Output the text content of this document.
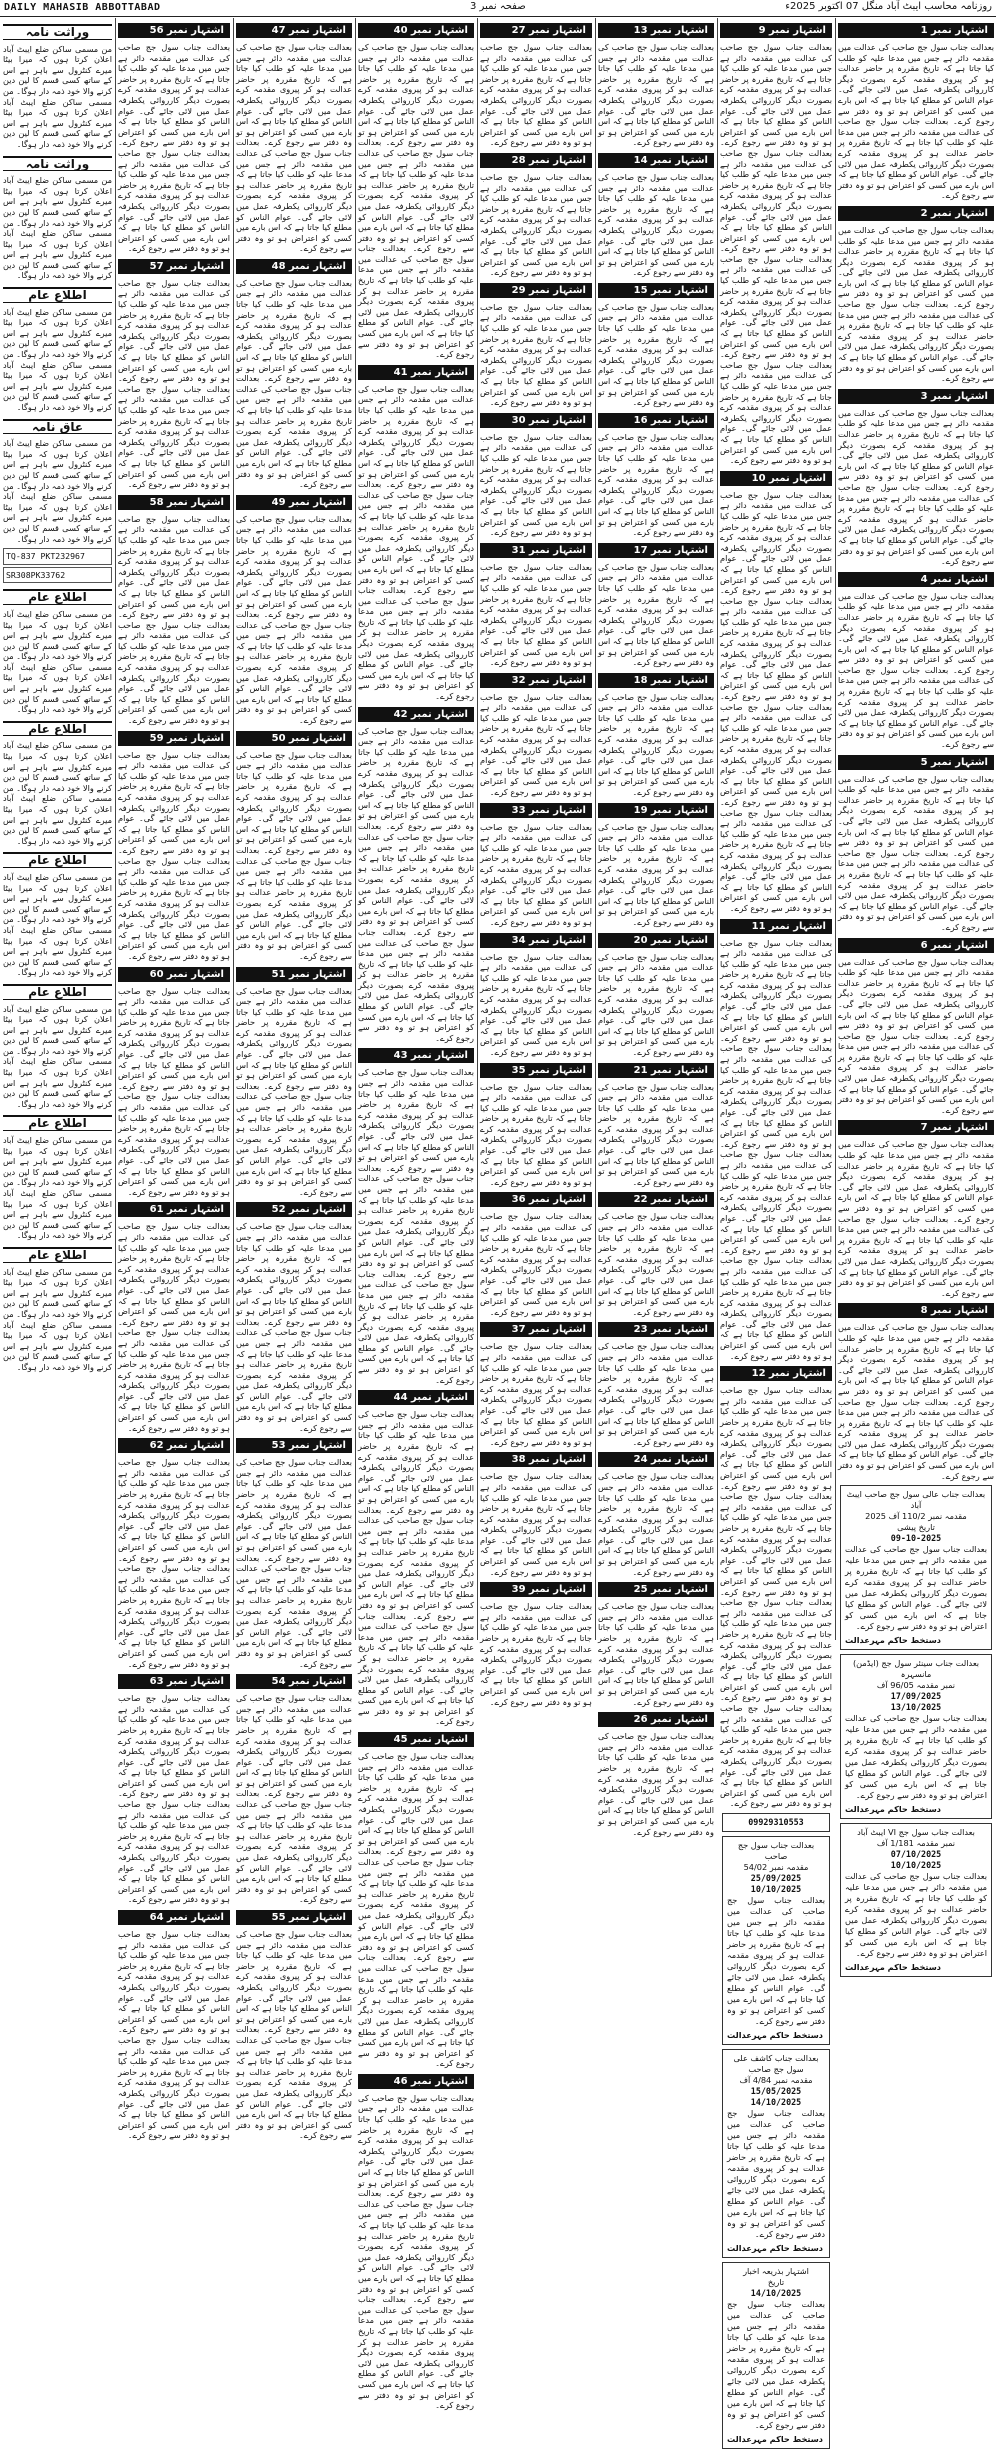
DAILY MAHASIB ABBOTTABAD	صفحہ نمبر 3	روزنامہ محاسب ایبٹ آباد منگل 07 اکتوبر 2025ء
اشتہار نمبر 1

بعدالت جناب سول جج صاحب کی عدالت میں مقدمہ دائر ہے جس میں مدعا علیہ کو طلب کیا جاتا ہے کہ تاریخ مقررہ پر حاضر عدالت ہو کر پیروی مقدمہ کرے بصورت دیگر کارروائی یکطرفہ عمل میں لائی جائے گی۔ عوام الناس کو مطلع کیا جاتا ہے کہ اس بارے میں کسی کو اعتراض ہو تو وہ دفتر سے رجوع کرے۔ بعدالت جناب سول جج صاحب کی عدالت میں مقدمہ دائر ہے جس میں مدعا علیہ کو طلب کیا جاتا ہے کہ تاریخ مقررہ پر حاضر عدالت ہو کر پیروی مقدمہ کرے بصورت دیگر کارروائی یکطرفہ عمل میں لائی جائے گی۔ عوام الناس کو مطلع کیا جاتا ہے کہ اس بارے میں کسی کو اعتراض ہو تو وہ دفتر سے رجوع کرے۔

اشتہار نمبر 2

بعدالت جناب سول جج صاحب کی عدالت میں مقدمہ دائر ہے جس میں مدعا علیہ کو طلب کیا جاتا ہے کہ تاریخ مقررہ پر حاضر عدالت ہو کر پیروی مقدمہ کرے بصورت دیگر کارروائی یکطرفہ عمل میں لائی جائے گی۔ عوام الناس کو مطلع کیا جاتا ہے کہ اس بارے میں کسی کو اعتراض ہو تو وہ دفتر سے رجوع کرے۔ بعدالت جناب سول جج صاحب کی عدالت میں مقدمہ دائر ہے جس میں مدعا علیہ کو طلب کیا جاتا ہے کہ تاریخ مقررہ پر حاضر عدالت ہو کر پیروی مقدمہ کرے بصورت دیگر کارروائی یکطرفہ عمل میں لائی جائے گی۔ عوام الناس کو مطلع کیا جاتا ہے کہ اس بارے میں کسی کو اعتراض ہو تو وہ دفتر سے رجوع کرے۔

اشتہار نمبر 3

بعدالت جناب سول جج صاحب کی عدالت میں مقدمہ دائر ہے جس میں مدعا علیہ کو طلب کیا جاتا ہے کہ تاریخ مقررہ پر حاضر عدالت ہو کر پیروی مقدمہ کرے بصورت دیگر کارروائی یکطرفہ عمل میں لائی جائے گی۔ عوام الناس کو مطلع کیا جاتا ہے کہ اس بارے میں کسی کو اعتراض ہو تو وہ دفتر سے رجوع کرے۔ بعدالت جناب سول جج صاحب کی عدالت میں مقدمہ دائر ہے جس میں مدعا علیہ کو طلب کیا جاتا ہے کہ تاریخ مقررہ پر حاضر عدالت ہو کر پیروی مقدمہ کرے بصورت دیگر کارروائی یکطرفہ عمل میں لائی جائے گی۔ عوام الناس کو مطلع کیا جاتا ہے کہ اس بارے میں کسی کو اعتراض ہو تو وہ دفتر سے رجوع کرے۔

اشتہار نمبر 4

بعدالت جناب سول جج صاحب کی عدالت میں مقدمہ دائر ہے جس میں مدعا علیہ کو طلب کیا جاتا ہے کہ تاریخ مقررہ پر حاضر عدالت ہو کر پیروی مقدمہ کرے بصورت دیگر کارروائی یکطرفہ عمل میں لائی جائے گی۔ عوام الناس کو مطلع کیا جاتا ہے کہ اس بارے میں کسی کو اعتراض ہو تو وہ دفتر سے رجوع کرے۔ بعدالت جناب سول جج صاحب کی عدالت میں مقدمہ دائر ہے جس میں مدعا علیہ کو طلب کیا جاتا ہے کہ تاریخ مقررہ پر حاضر عدالت ہو کر پیروی مقدمہ کرے بصورت دیگر کارروائی یکطرفہ عمل میں لائی جائے گی۔ عوام الناس کو مطلع کیا جاتا ہے کہ اس بارے میں کسی کو اعتراض ہو تو وہ دفتر سے رجوع کرے۔

اشتہار نمبر 5

بعدالت جناب سول جج صاحب کی عدالت میں مقدمہ دائر ہے جس میں مدعا علیہ کو طلب کیا جاتا ہے کہ تاریخ مقررہ پر حاضر عدالت ہو کر پیروی مقدمہ کرے بصورت دیگر کارروائی یکطرفہ عمل میں لائی جائے گی۔ عوام الناس کو مطلع کیا جاتا ہے کہ اس بارے میں کسی کو اعتراض ہو تو وہ دفتر سے رجوع کرے۔ بعدالت جناب سول جج صاحب کی عدالت میں مقدمہ دائر ہے جس میں مدعا علیہ کو طلب کیا جاتا ہے کہ تاریخ مقررہ پر حاضر عدالت ہو کر پیروی مقدمہ کرے بصورت دیگر کارروائی یکطرفہ عمل میں لائی جائے گی۔ عوام الناس کو مطلع کیا جاتا ہے کہ اس بارے میں کسی کو اعتراض ہو تو وہ دفتر سے رجوع کرے۔

اشتہار نمبر 6

بعدالت جناب سول جج صاحب کی عدالت میں مقدمہ دائر ہے جس میں مدعا علیہ کو طلب کیا جاتا ہے کہ تاریخ مقررہ پر حاضر عدالت ہو کر پیروی مقدمہ کرے بصورت دیگر کارروائی یکطرفہ عمل میں لائی جائے گی۔ عوام الناس کو مطلع کیا جاتا ہے کہ اس بارے میں کسی کو اعتراض ہو تو وہ دفتر سے رجوع کرے۔ بعدالت جناب سول جج صاحب کی عدالت میں مقدمہ دائر ہے جس میں مدعا علیہ کو طلب کیا جاتا ہے کہ تاریخ مقررہ پر حاضر عدالت ہو کر پیروی مقدمہ کرے بصورت دیگر کارروائی یکطرفہ عمل میں لائی جائے گی۔ عوام الناس کو مطلع کیا جاتا ہے کہ اس بارے میں کسی کو اعتراض ہو تو وہ دفتر سے رجوع کرے۔

اشتہار نمبر 7

بعدالت جناب سول جج صاحب کی عدالت میں مقدمہ دائر ہے جس میں مدعا علیہ کو طلب کیا جاتا ہے کہ تاریخ مقررہ پر حاضر عدالت ہو کر پیروی مقدمہ کرے بصورت دیگر کارروائی یکطرفہ عمل میں لائی جائے گی۔ عوام الناس کو مطلع کیا جاتا ہے کہ اس بارے میں کسی کو اعتراض ہو تو وہ دفتر سے رجوع کرے۔ بعدالت جناب سول جج صاحب کی عدالت میں مقدمہ دائر ہے جس میں مدعا علیہ کو طلب کیا جاتا ہے کہ تاریخ مقررہ پر حاضر عدالت ہو کر پیروی مقدمہ کرے بصورت دیگر کارروائی یکطرفہ عمل میں لائی جائے گی۔ عوام الناس کو مطلع کیا جاتا ہے کہ اس بارے میں کسی کو اعتراض ہو تو وہ دفتر سے رجوع کرے۔

اشتہار نمبر 8

بعدالت جناب سول جج صاحب کی عدالت میں مقدمہ دائر ہے جس میں مدعا علیہ کو طلب کیا جاتا ہے کہ تاریخ مقررہ پر حاضر عدالت ہو کر پیروی مقدمہ کرے بصورت دیگر کارروائی یکطرفہ عمل میں لائی جائے گی۔ عوام الناس کو مطلع کیا جاتا ہے کہ اس بارے میں کسی کو اعتراض ہو تو وہ دفتر سے رجوع کرے۔ بعدالت جناب سول جج صاحب کی عدالت میں مقدمہ دائر ہے جس میں مدعا علیہ کو طلب کیا جاتا ہے کہ تاریخ مقررہ پر حاضر عدالت ہو کر پیروی مقدمہ کرے بصورت دیگر کارروائی یکطرفہ عمل میں لائی جائے گی۔ عوام الناس کو مطلع کیا جاتا ہے کہ اس بارے میں کسی کو اعتراض ہو تو وہ دفتر سے رجوع کرے۔

بعدالت جناب عالی سول جج صاحب ایبٹ آباد
مقدمہ نمبر 110/2 آف 2025
تاریخ پیشی
09-10-2025

بعدالت جناب سول جج صاحب کی عدالت میں مقدمہ دائر ہے جس میں مدعا علیہ کو طلب کیا جاتا ہے کہ تاریخ مقررہ پر حاضر عدالت ہو کر پیروی مقدمہ کرے بصورت دیگر کارروائی یکطرفہ عمل میں لائی جائے گی۔ عوام الناس کو مطلع کیا جاتا ہے کہ اس بارے میں کسی کو اعتراض ہو تو وہ دفتر سے رجوع کرے۔

دستخط حاکم مہرعدالت
بعدالت جناب سینئر سول جج (ایڈمن) مانسہرہ
نمبر مقدمہ 96/05 آف
17/09/2025
13/10/2025

بعدالت جناب سول جج صاحب کی عدالت میں مقدمہ دائر ہے جس میں مدعا علیہ کو طلب کیا جاتا ہے کہ تاریخ مقررہ پر حاضر عدالت ہو کر پیروی مقدمہ کرے بصورت دیگر کارروائی یکطرفہ عمل میں لائی جائے گی۔ عوام الناس کو مطلع کیا جاتا ہے کہ اس بارے میں کسی کو اعتراض ہو تو وہ دفتر سے رجوع کرے۔

دستخط حاکم مہرعدالت
بعدالت جناب سول جج VI ایبٹ آباد
نمبر مقدمہ 1/181 آف
07/10/2025
10/10/2025

بعدالت جناب سول جج صاحب کی عدالت میں مقدمہ دائر ہے جس میں مدعا علیہ کو طلب کیا جاتا ہے کہ تاریخ مقررہ پر حاضر عدالت ہو کر پیروی مقدمہ کرے بصورت دیگر کارروائی یکطرفہ عمل میں لائی جائے گی۔ عوام الناس کو مطلع کیا جاتا ہے کہ اس بارے میں کسی کو اعتراض ہو تو وہ دفتر سے رجوع کرے۔

دستخط حاکم مہرعدالت
اشتہار نمبر 9

بعدالت جناب سول جج صاحب کی عدالت میں مقدمہ دائر ہے جس میں مدعا علیہ کو طلب کیا جاتا ہے کہ تاریخ مقررہ پر حاضر عدالت ہو کر پیروی مقدمہ کرے بصورت دیگر کارروائی یکطرفہ عمل میں لائی جائے گی۔ عوام الناس کو مطلع کیا جاتا ہے کہ اس بارے میں کسی کو اعتراض ہو تو وہ دفتر سے رجوع کرے۔ بعدالت جناب سول جج صاحب کی عدالت میں مقدمہ دائر ہے جس میں مدعا علیہ کو طلب کیا جاتا ہے کہ تاریخ مقررہ پر حاضر عدالت ہو کر پیروی مقدمہ کرے بصورت دیگر کارروائی یکطرفہ عمل میں لائی جائے گی۔ عوام الناس کو مطلع کیا جاتا ہے کہ اس بارے میں کسی کو اعتراض ہو تو وہ دفتر سے رجوع کرے۔ بعدالت جناب سول جج صاحب کی عدالت میں مقدمہ دائر ہے جس میں مدعا علیہ کو طلب کیا جاتا ہے کہ تاریخ مقررہ پر حاضر عدالت ہو کر پیروی مقدمہ کرے بصورت دیگر کارروائی یکطرفہ عمل میں لائی جائے گی۔ عوام الناس کو مطلع کیا جاتا ہے کہ اس بارے میں کسی کو اعتراض ہو تو وہ دفتر سے رجوع کرے۔ بعدالت جناب سول جج صاحب کی عدالت میں مقدمہ دائر ہے جس میں مدعا علیہ کو طلب کیا جاتا ہے کہ تاریخ مقررہ پر حاضر عدالت ہو کر پیروی مقدمہ کرے بصورت دیگر کارروائی یکطرفہ عمل میں لائی جائے گی۔ عوام الناس کو مطلع کیا جاتا ہے کہ اس بارے میں کسی کو اعتراض ہو تو وہ دفتر سے رجوع کرے۔

اشتہار نمبر 10

بعدالت جناب سول جج صاحب کی عدالت میں مقدمہ دائر ہے جس میں مدعا علیہ کو طلب کیا جاتا ہے کہ تاریخ مقررہ پر حاضر عدالت ہو کر پیروی مقدمہ کرے بصورت دیگر کارروائی یکطرفہ عمل میں لائی جائے گی۔ عوام الناس کو مطلع کیا جاتا ہے کہ اس بارے میں کسی کو اعتراض ہو تو وہ دفتر سے رجوع کرے۔ بعدالت جناب سول جج صاحب کی عدالت میں مقدمہ دائر ہے جس میں مدعا علیہ کو طلب کیا جاتا ہے کہ تاریخ مقررہ پر حاضر عدالت ہو کر پیروی مقدمہ کرے بصورت دیگر کارروائی یکطرفہ عمل میں لائی جائے گی۔ عوام الناس کو مطلع کیا جاتا ہے کہ اس بارے میں کسی کو اعتراض ہو تو وہ دفتر سے رجوع کرے۔ بعدالت جناب سول جج صاحب کی عدالت میں مقدمہ دائر ہے جس میں مدعا علیہ کو طلب کیا جاتا ہے کہ تاریخ مقررہ پر حاضر عدالت ہو کر پیروی مقدمہ کرے بصورت دیگر کارروائی یکطرفہ عمل میں لائی جائے گی۔ عوام الناس کو مطلع کیا جاتا ہے کہ اس بارے میں کسی کو اعتراض ہو تو وہ دفتر سے رجوع کرے۔ بعدالت جناب سول جج صاحب کی عدالت میں مقدمہ دائر ہے جس میں مدعا علیہ کو طلب کیا جاتا ہے کہ تاریخ مقررہ پر حاضر عدالت ہو کر پیروی مقدمہ کرے بصورت دیگر کارروائی یکطرفہ عمل میں لائی جائے گی۔ عوام الناس کو مطلع کیا جاتا ہے کہ اس بارے میں کسی کو اعتراض ہو تو وہ دفتر سے رجوع کرے۔

اشتہار نمبر 11

بعدالت جناب سول جج صاحب کی عدالت میں مقدمہ دائر ہے جس میں مدعا علیہ کو طلب کیا جاتا ہے کہ تاریخ مقررہ پر حاضر عدالت ہو کر پیروی مقدمہ کرے بصورت دیگر کارروائی یکطرفہ عمل میں لائی جائے گی۔ عوام الناس کو مطلع کیا جاتا ہے کہ اس بارے میں کسی کو اعتراض ہو تو وہ دفتر سے رجوع کرے۔ بعدالت جناب سول جج صاحب کی عدالت میں مقدمہ دائر ہے جس میں مدعا علیہ کو طلب کیا جاتا ہے کہ تاریخ مقررہ پر حاضر عدالت ہو کر پیروی مقدمہ کرے بصورت دیگر کارروائی یکطرفہ عمل میں لائی جائے گی۔ عوام الناس کو مطلع کیا جاتا ہے کہ اس بارے میں کسی کو اعتراض ہو تو وہ دفتر سے رجوع کرے۔ بعدالت جناب سول جج صاحب کی عدالت میں مقدمہ دائر ہے جس میں مدعا علیہ کو طلب کیا جاتا ہے کہ تاریخ مقررہ پر حاضر عدالت ہو کر پیروی مقدمہ کرے بصورت دیگر کارروائی یکطرفہ عمل میں لائی جائے گی۔ عوام الناس کو مطلع کیا جاتا ہے کہ اس بارے میں کسی کو اعتراض ہو تو وہ دفتر سے رجوع کرے۔ بعدالت جناب سول جج صاحب کی عدالت میں مقدمہ دائر ہے جس میں مدعا علیہ کو طلب کیا جاتا ہے کہ تاریخ مقررہ پر حاضر عدالت ہو کر پیروی مقدمہ کرے بصورت دیگر کارروائی یکطرفہ عمل میں لائی جائے گی۔ عوام الناس کو مطلع کیا جاتا ہے کہ اس بارے میں کسی کو اعتراض ہو تو وہ دفتر سے رجوع کرے۔

اشتہار نمبر 12

بعدالت جناب سول جج صاحب کی عدالت میں مقدمہ دائر ہے جس میں مدعا علیہ کو طلب کیا جاتا ہے کہ تاریخ مقررہ پر حاضر عدالت ہو کر پیروی مقدمہ کرے بصورت دیگر کارروائی یکطرفہ عمل میں لائی جائے گی۔ عوام الناس کو مطلع کیا جاتا ہے کہ اس بارے میں کسی کو اعتراض ہو تو وہ دفتر سے رجوع کرے۔ بعدالت جناب سول جج صاحب کی عدالت میں مقدمہ دائر ہے جس میں مدعا علیہ کو طلب کیا جاتا ہے کہ تاریخ مقررہ پر حاضر عدالت ہو کر پیروی مقدمہ کرے بصورت دیگر کارروائی یکطرفہ عمل میں لائی جائے گی۔ عوام الناس کو مطلع کیا جاتا ہے کہ اس بارے میں کسی کو اعتراض ہو تو وہ دفتر سے رجوع کرے۔ بعدالت جناب سول جج صاحب کی عدالت میں مقدمہ دائر ہے جس میں مدعا علیہ کو طلب کیا جاتا ہے کہ تاریخ مقررہ پر حاضر عدالت ہو کر پیروی مقدمہ کرے بصورت دیگر کارروائی یکطرفہ عمل میں لائی جائے گی۔ عوام الناس کو مطلع کیا جاتا ہے کہ اس بارے میں کسی کو اعتراض ہو تو وہ دفتر سے رجوع کرے۔ بعدالت جناب سول جج صاحب کی عدالت میں مقدمہ دائر ہے جس میں مدعا علیہ کو طلب کیا جاتا ہے کہ تاریخ مقررہ پر حاضر عدالت ہو کر پیروی مقدمہ کرے بصورت دیگر کارروائی یکطرفہ عمل میں لائی جائے گی۔ عوام الناس کو مطلع کیا جاتا ہے کہ اس بارے میں کسی کو اعتراض ہو تو وہ دفتر سے رجوع کرے۔

09929310553
بعدالت جناب سول جج صاحب
مقدمہ نمبر 54/02
25/09/2025
10/10/2025

بعدالت جناب سول جج صاحب کی عدالت میں مقدمہ دائر ہے جس میں مدعا علیہ کو طلب کیا جاتا ہے کہ تاریخ مقررہ پر حاضر عدالت ہو کر پیروی مقدمہ کرے بصورت دیگر کارروائی یکطرفہ عمل میں لائی جائے گی۔ عوام الناس کو مطلع کیا جاتا ہے کہ اس بارے میں کسی کو اعتراض ہو تو وہ دفتر سے رجوع کرے۔

دستخط حاکم مہرعدالت
بعدالت جناب کاشف علی سول جج صاحب
مقدمہ نمبر 4/84 آف
15/05/2025
14/10/2025

بعدالت جناب سول جج صاحب کی عدالت میں مقدمہ دائر ہے جس میں مدعا علیہ کو طلب کیا جاتا ہے کہ تاریخ مقررہ پر حاضر عدالت ہو کر پیروی مقدمہ کرے بصورت دیگر کارروائی یکطرفہ عمل میں لائی جائے گی۔ عوام الناس کو مطلع کیا جاتا ہے کہ اس بارے میں کسی کو اعتراض ہو تو وہ دفتر سے رجوع کرے۔

دستخط حاکم مہرعدالت
اشتہار بذریعہ اخبار
تاریخ
14/10/2025

بعدالت جناب سول جج صاحب کی عدالت میں مقدمہ دائر ہے جس میں مدعا علیہ کو طلب کیا جاتا ہے کہ تاریخ مقررہ پر حاضر عدالت ہو کر پیروی مقدمہ کرے بصورت دیگر کارروائی یکطرفہ عمل میں لائی جائے گی۔ عوام الناس کو مطلع کیا جاتا ہے کہ اس بارے میں کسی کو اعتراض ہو تو وہ دفتر سے رجوع کرے۔

دستخط حاکم مہرعدالت
اشتہار نمبر 13

بعدالت جناب سول جج صاحب کی عدالت میں مقدمہ دائر ہے جس میں مدعا علیہ کو طلب کیا جاتا ہے کہ تاریخ مقررہ پر حاضر عدالت ہو کر پیروی مقدمہ کرے بصورت دیگر کارروائی یکطرفہ عمل میں لائی جائے گی۔ عوام الناس کو مطلع کیا جاتا ہے کہ اس بارے میں کسی کو اعتراض ہو تو وہ دفتر سے رجوع کرے۔

اشتہار نمبر 14

بعدالت جناب سول جج صاحب کی عدالت میں مقدمہ دائر ہے جس میں مدعا علیہ کو طلب کیا جاتا ہے کہ تاریخ مقررہ پر حاضر عدالت ہو کر پیروی مقدمہ کرے بصورت دیگر کارروائی یکطرفہ عمل میں لائی جائے گی۔ عوام الناس کو مطلع کیا جاتا ہے کہ اس بارے میں کسی کو اعتراض ہو تو وہ دفتر سے رجوع کرے۔

اشتہار نمبر 15

بعدالت جناب سول جج صاحب کی عدالت میں مقدمہ دائر ہے جس میں مدعا علیہ کو طلب کیا جاتا ہے کہ تاریخ مقررہ پر حاضر عدالت ہو کر پیروی مقدمہ کرے بصورت دیگر کارروائی یکطرفہ عمل میں لائی جائے گی۔ عوام الناس کو مطلع کیا جاتا ہے کہ اس بارے میں کسی کو اعتراض ہو تو وہ دفتر سے رجوع کرے۔

اشتہار نمبر 16

بعدالت جناب سول جج صاحب کی عدالت میں مقدمہ دائر ہے جس میں مدعا علیہ کو طلب کیا جاتا ہے کہ تاریخ مقررہ پر حاضر عدالت ہو کر پیروی مقدمہ کرے بصورت دیگر کارروائی یکطرفہ عمل میں لائی جائے گی۔ عوام الناس کو مطلع کیا جاتا ہے کہ اس بارے میں کسی کو اعتراض ہو تو وہ دفتر سے رجوع کرے۔

اشتہار نمبر 17

بعدالت جناب سول جج صاحب کی عدالت میں مقدمہ دائر ہے جس میں مدعا علیہ کو طلب کیا جاتا ہے کہ تاریخ مقررہ پر حاضر عدالت ہو کر پیروی مقدمہ کرے بصورت دیگر کارروائی یکطرفہ عمل میں لائی جائے گی۔ عوام الناس کو مطلع کیا جاتا ہے کہ اس بارے میں کسی کو اعتراض ہو تو وہ دفتر سے رجوع کرے۔

اشتہار نمبر 18

بعدالت جناب سول جج صاحب کی عدالت میں مقدمہ دائر ہے جس میں مدعا علیہ کو طلب کیا جاتا ہے کہ تاریخ مقررہ پر حاضر عدالت ہو کر پیروی مقدمہ کرے بصورت دیگر کارروائی یکطرفہ عمل میں لائی جائے گی۔ عوام الناس کو مطلع کیا جاتا ہے کہ اس بارے میں کسی کو اعتراض ہو تو وہ دفتر سے رجوع کرے۔

اشتہار نمبر 19

بعدالت جناب سول جج صاحب کی عدالت میں مقدمہ دائر ہے جس میں مدعا علیہ کو طلب کیا جاتا ہے کہ تاریخ مقررہ پر حاضر عدالت ہو کر پیروی مقدمہ کرے بصورت دیگر کارروائی یکطرفہ عمل میں لائی جائے گی۔ عوام الناس کو مطلع کیا جاتا ہے کہ اس بارے میں کسی کو اعتراض ہو تو وہ دفتر سے رجوع کرے۔

اشتہار نمبر 20

بعدالت جناب سول جج صاحب کی عدالت میں مقدمہ دائر ہے جس میں مدعا علیہ کو طلب کیا جاتا ہے کہ تاریخ مقررہ پر حاضر عدالت ہو کر پیروی مقدمہ کرے بصورت دیگر کارروائی یکطرفہ عمل میں لائی جائے گی۔ عوام الناس کو مطلع کیا جاتا ہے کہ اس بارے میں کسی کو اعتراض ہو تو وہ دفتر سے رجوع کرے۔

اشتہار نمبر 21

بعدالت جناب سول جج صاحب کی عدالت میں مقدمہ دائر ہے جس میں مدعا علیہ کو طلب کیا جاتا ہے کہ تاریخ مقررہ پر حاضر عدالت ہو کر پیروی مقدمہ کرے بصورت دیگر کارروائی یکطرفہ عمل میں لائی جائے گی۔ عوام الناس کو مطلع کیا جاتا ہے کہ اس بارے میں کسی کو اعتراض ہو تو وہ دفتر سے رجوع کرے۔

اشتہار نمبر 22

بعدالت جناب سول جج صاحب کی عدالت میں مقدمہ دائر ہے جس میں مدعا علیہ کو طلب کیا جاتا ہے کہ تاریخ مقررہ پر حاضر عدالت ہو کر پیروی مقدمہ کرے بصورت دیگر کارروائی یکطرفہ عمل میں لائی جائے گی۔ عوام الناس کو مطلع کیا جاتا ہے کہ اس بارے میں کسی کو اعتراض ہو تو وہ دفتر سے رجوع کرے۔

اشتہار نمبر 23

بعدالت جناب سول جج صاحب کی عدالت میں مقدمہ دائر ہے جس میں مدعا علیہ کو طلب کیا جاتا ہے کہ تاریخ مقررہ پر حاضر عدالت ہو کر پیروی مقدمہ کرے بصورت دیگر کارروائی یکطرفہ عمل میں لائی جائے گی۔ عوام الناس کو مطلع کیا جاتا ہے کہ اس بارے میں کسی کو اعتراض ہو تو وہ دفتر سے رجوع کرے۔

اشتہار نمبر 24

بعدالت جناب سول جج صاحب کی عدالت میں مقدمہ دائر ہے جس میں مدعا علیہ کو طلب کیا جاتا ہے کہ تاریخ مقررہ پر حاضر عدالت ہو کر پیروی مقدمہ کرے بصورت دیگر کارروائی یکطرفہ عمل میں لائی جائے گی۔ عوام الناس کو مطلع کیا جاتا ہے کہ اس بارے میں کسی کو اعتراض ہو تو وہ دفتر سے رجوع کرے۔

اشتہار نمبر 25

بعدالت جناب سول جج صاحب کی عدالت میں مقدمہ دائر ہے جس میں مدعا علیہ کو طلب کیا جاتا ہے کہ تاریخ مقررہ پر حاضر عدالت ہو کر پیروی مقدمہ کرے بصورت دیگر کارروائی یکطرفہ عمل میں لائی جائے گی۔ عوام الناس کو مطلع کیا جاتا ہے کہ اس بارے میں کسی کو اعتراض ہو تو وہ دفتر سے رجوع کرے۔

اشتہار نمبر 26

بعدالت جناب سول جج صاحب کی عدالت میں مقدمہ دائر ہے جس میں مدعا علیہ کو طلب کیا جاتا ہے کہ تاریخ مقررہ پر حاضر عدالت ہو کر پیروی مقدمہ کرے بصورت دیگر کارروائی یکطرفہ عمل میں لائی جائے گی۔ عوام الناس کو مطلع کیا جاتا ہے کہ اس بارے میں کسی کو اعتراض ہو تو وہ دفتر سے رجوع کرے۔

اشتہار نمبر 27

بعدالت جناب سول جج صاحب کی عدالت میں مقدمہ دائر ہے جس میں مدعا علیہ کو طلب کیا جاتا ہے کہ تاریخ مقررہ پر حاضر عدالت ہو کر پیروی مقدمہ کرے بصورت دیگر کارروائی یکطرفہ عمل میں لائی جائے گی۔ عوام الناس کو مطلع کیا جاتا ہے کہ اس بارے میں کسی کو اعتراض ہو تو وہ دفتر سے رجوع کرے۔

اشتہار نمبر 28

بعدالت جناب سول جج صاحب کی عدالت میں مقدمہ دائر ہے جس میں مدعا علیہ کو طلب کیا جاتا ہے کہ تاریخ مقررہ پر حاضر عدالت ہو کر پیروی مقدمہ کرے بصورت دیگر کارروائی یکطرفہ عمل میں لائی جائے گی۔ عوام الناس کو مطلع کیا جاتا ہے کہ اس بارے میں کسی کو اعتراض ہو تو وہ دفتر سے رجوع کرے۔

اشتہار نمبر 29

بعدالت جناب سول جج صاحب کی عدالت میں مقدمہ دائر ہے جس میں مدعا علیہ کو طلب کیا جاتا ہے کہ تاریخ مقررہ پر حاضر عدالت ہو کر پیروی مقدمہ کرے بصورت دیگر کارروائی یکطرفہ عمل میں لائی جائے گی۔ عوام الناس کو مطلع کیا جاتا ہے کہ اس بارے میں کسی کو اعتراض ہو تو وہ دفتر سے رجوع کرے۔

اشتہار نمبر 30

بعدالت جناب سول جج صاحب کی عدالت میں مقدمہ دائر ہے جس میں مدعا علیہ کو طلب کیا جاتا ہے کہ تاریخ مقررہ پر حاضر عدالت ہو کر پیروی مقدمہ کرے بصورت دیگر کارروائی یکطرفہ عمل میں لائی جائے گی۔ عوام الناس کو مطلع کیا جاتا ہے کہ اس بارے میں کسی کو اعتراض ہو تو وہ دفتر سے رجوع کرے۔

اشتہار نمبر 31

بعدالت جناب سول جج صاحب کی عدالت میں مقدمہ دائر ہے جس میں مدعا علیہ کو طلب کیا جاتا ہے کہ تاریخ مقررہ پر حاضر عدالت ہو کر پیروی مقدمہ کرے بصورت دیگر کارروائی یکطرفہ عمل میں لائی جائے گی۔ عوام الناس کو مطلع کیا جاتا ہے کہ اس بارے میں کسی کو اعتراض ہو تو وہ دفتر سے رجوع کرے۔

اشتہار نمبر 32

بعدالت جناب سول جج صاحب کی عدالت میں مقدمہ دائر ہے جس میں مدعا علیہ کو طلب کیا جاتا ہے کہ تاریخ مقررہ پر حاضر عدالت ہو کر پیروی مقدمہ کرے بصورت دیگر کارروائی یکطرفہ عمل میں لائی جائے گی۔ عوام الناس کو مطلع کیا جاتا ہے کہ اس بارے میں کسی کو اعتراض ہو تو وہ دفتر سے رجوع کرے۔

اشتہار نمبر 33

بعدالت جناب سول جج صاحب کی عدالت میں مقدمہ دائر ہے جس میں مدعا علیہ کو طلب کیا جاتا ہے کہ تاریخ مقررہ پر حاضر عدالت ہو کر پیروی مقدمہ کرے بصورت دیگر کارروائی یکطرفہ عمل میں لائی جائے گی۔ عوام الناس کو مطلع کیا جاتا ہے کہ اس بارے میں کسی کو اعتراض ہو تو وہ دفتر سے رجوع کرے۔

اشتہار نمبر 34

بعدالت جناب سول جج صاحب کی عدالت میں مقدمہ دائر ہے جس میں مدعا علیہ کو طلب کیا جاتا ہے کہ تاریخ مقررہ پر حاضر عدالت ہو کر پیروی مقدمہ کرے بصورت دیگر کارروائی یکطرفہ عمل میں لائی جائے گی۔ عوام الناس کو مطلع کیا جاتا ہے کہ اس بارے میں کسی کو اعتراض ہو تو وہ دفتر سے رجوع کرے۔

اشتہار نمبر 35

بعدالت جناب سول جج صاحب کی عدالت میں مقدمہ دائر ہے جس میں مدعا علیہ کو طلب کیا جاتا ہے کہ تاریخ مقررہ پر حاضر عدالت ہو کر پیروی مقدمہ کرے بصورت دیگر کارروائی یکطرفہ عمل میں لائی جائے گی۔ عوام الناس کو مطلع کیا جاتا ہے کہ اس بارے میں کسی کو اعتراض ہو تو وہ دفتر سے رجوع کرے۔

اشتہار نمبر 36

بعدالت جناب سول جج صاحب کی عدالت میں مقدمہ دائر ہے جس میں مدعا علیہ کو طلب کیا جاتا ہے کہ تاریخ مقررہ پر حاضر عدالت ہو کر پیروی مقدمہ کرے بصورت دیگر کارروائی یکطرفہ عمل میں لائی جائے گی۔ عوام الناس کو مطلع کیا جاتا ہے کہ اس بارے میں کسی کو اعتراض ہو تو وہ دفتر سے رجوع کرے۔

اشتہار نمبر 37

بعدالت جناب سول جج صاحب کی عدالت میں مقدمہ دائر ہے جس میں مدعا علیہ کو طلب کیا جاتا ہے کہ تاریخ مقررہ پر حاضر عدالت ہو کر پیروی مقدمہ کرے بصورت دیگر کارروائی یکطرفہ عمل میں لائی جائے گی۔ عوام الناس کو مطلع کیا جاتا ہے کہ اس بارے میں کسی کو اعتراض ہو تو وہ دفتر سے رجوع کرے۔

اشتہار نمبر 38

بعدالت جناب سول جج صاحب کی عدالت میں مقدمہ دائر ہے جس میں مدعا علیہ کو طلب کیا جاتا ہے کہ تاریخ مقررہ پر حاضر عدالت ہو کر پیروی مقدمہ کرے بصورت دیگر کارروائی یکطرفہ عمل میں لائی جائے گی۔ عوام الناس کو مطلع کیا جاتا ہے کہ اس بارے میں کسی کو اعتراض ہو تو وہ دفتر سے رجوع کرے۔

اشتہار نمبر 39

بعدالت جناب سول جج صاحب کی عدالت میں مقدمہ دائر ہے جس میں مدعا علیہ کو طلب کیا جاتا ہے کہ تاریخ مقررہ پر حاضر عدالت ہو کر پیروی مقدمہ کرے بصورت دیگر کارروائی یکطرفہ عمل میں لائی جائے گی۔ عوام الناس کو مطلع کیا جاتا ہے کہ اس بارے میں کسی کو اعتراض ہو تو وہ دفتر سے رجوع کرے۔

اشتہار نمبر 40

بعدالت جناب سول جج صاحب کی عدالت میں مقدمہ دائر ہے جس میں مدعا علیہ کو طلب کیا جاتا ہے کہ تاریخ مقررہ پر حاضر عدالت ہو کر پیروی مقدمہ کرے بصورت دیگر کارروائی یکطرفہ عمل میں لائی جائے گی۔ عوام الناس کو مطلع کیا جاتا ہے کہ اس بارے میں کسی کو اعتراض ہو تو وہ دفتر سے رجوع کرے۔ بعدالت جناب سول جج صاحب کی عدالت میں مقدمہ دائر ہے جس میں مدعا علیہ کو طلب کیا جاتا ہے کہ تاریخ مقررہ پر حاضر عدالت ہو کر پیروی مقدمہ کرے بصورت دیگر کارروائی یکطرفہ عمل میں لائی جائے گی۔ عوام الناس کو مطلع کیا جاتا ہے کہ اس بارے میں کسی کو اعتراض ہو تو وہ دفتر سے رجوع کرے۔ بعدالت جناب سول جج صاحب کی عدالت میں مقدمہ دائر ہے جس میں مدعا علیہ کو طلب کیا جاتا ہے کہ تاریخ مقررہ پر حاضر عدالت ہو کر پیروی مقدمہ کرے بصورت دیگر کارروائی یکطرفہ عمل میں لائی جائے گی۔ عوام الناس کو مطلع کیا جاتا ہے کہ اس بارے میں کسی کو اعتراض ہو تو وہ دفتر سے رجوع کرے۔

اشتہار نمبر 41

بعدالت جناب سول جج صاحب کی عدالت میں مقدمہ دائر ہے جس میں مدعا علیہ کو طلب کیا جاتا ہے کہ تاریخ مقررہ پر حاضر عدالت ہو کر پیروی مقدمہ کرے بصورت دیگر کارروائی یکطرفہ عمل میں لائی جائے گی۔ عوام الناس کو مطلع کیا جاتا ہے کہ اس بارے میں کسی کو اعتراض ہو تو وہ دفتر سے رجوع کرے۔ بعدالت جناب سول جج صاحب کی عدالت میں مقدمہ دائر ہے جس میں مدعا علیہ کو طلب کیا جاتا ہے کہ تاریخ مقررہ پر حاضر عدالت ہو کر پیروی مقدمہ کرے بصورت دیگر کارروائی یکطرفہ عمل میں لائی جائے گی۔ عوام الناس کو مطلع کیا جاتا ہے کہ اس بارے میں کسی کو اعتراض ہو تو وہ دفتر سے رجوع کرے۔ بعدالت جناب سول جج صاحب کی عدالت میں مقدمہ دائر ہے جس میں مدعا علیہ کو طلب کیا جاتا ہے کہ تاریخ مقررہ پر حاضر عدالت ہو کر پیروی مقدمہ کرے بصورت دیگر کارروائی یکطرفہ عمل میں لائی جائے گی۔ عوام الناس کو مطلع کیا جاتا ہے کہ اس بارے میں کسی کو اعتراض ہو تو وہ دفتر سے رجوع کرے۔

اشتہار نمبر 42

بعدالت جناب سول جج صاحب کی عدالت میں مقدمہ دائر ہے جس میں مدعا علیہ کو طلب کیا جاتا ہے کہ تاریخ مقررہ پر حاضر عدالت ہو کر پیروی مقدمہ کرے بصورت دیگر کارروائی یکطرفہ عمل میں لائی جائے گی۔ عوام الناس کو مطلع کیا جاتا ہے کہ اس بارے میں کسی کو اعتراض ہو تو وہ دفتر سے رجوع کرے۔ بعدالت جناب سول جج صاحب کی عدالت میں مقدمہ دائر ہے جس میں مدعا علیہ کو طلب کیا جاتا ہے کہ تاریخ مقررہ پر حاضر عدالت ہو کر پیروی مقدمہ کرے بصورت دیگر کارروائی یکطرفہ عمل میں لائی جائے گی۔ عوام الناس کو مطلع کیا جاتا ہے کہ اس بارے میں کسی کو اعتراض ہو تو وہ دفتر سے رجوع کرے۔ بعدالت جناب سول جج صاحب کی عدالت میں مقدمہ دائر ہے جس میں مدعا علیہ کو طلب کیا جاتا ہے کہ تاریخ مقررہ پر حاضر عدالت ہو کر پیروی مقدمہ کرے بصورت دیگر کارروائی یکطرفہ عمل میں لائی جائے گی۔ عوام الناس کو مطلع کیا جاتا ہے کہ اس بارے میں کسی کو اعتراض ہو تو وہ دفتر سے رجوع کرے۔

اشتہار نمبر 43

بعدالت جناب سول جج صاحب کی عدالت میں مقدمہ دائر ہے جس میں مدعا علیہ کو طلب کیا جاتا ہے کہ تاریخ مقررہ پر حاضر عدالت ہو کر پیروی مقدمہ کرے بصورت دیگر کارروائی یکطرفہ عمل میں لائی جائے گی۔ عوام الناس کو مطلع کیا جاتا ہے کہ اس بارے میں کسی کو اعتراض ہو تو وہ دفتر سے رجوع کرے۔ بعدالت جناب سول جج صاحب کی عدالت میں مقدمہ دائر ہے جس میں مدعا علیہ کو طلب کیا جاتا ہے کہ تاریخ مقررہ پر حاضر عدالت ہو کر پیروی مقدمہ کرے بصورت دیگر کارروائی یکطرفہ عمل میں لائی جائے گی۔ عوام الناس کو مطلع کیا جاتا ہے کہ اس بارے میں کسی کو اعتراض ہو تو وہ دفتر سے رجوع کرے۔ بعدالت جناب سول جج صاحب کی عدالت میں مقدمہ دائر ہے جس میں مدعا علیہ کو طلب کیا جاتا ہے کہ تاریخ مقررہ پر حاضر عدالت ہو کر پیروی مقدمہ کرے بصورت دیگر کارروائی یکطرفہ عمل میں لائی جائے گی۔ عوام الناس کو مطلع کیا جاتا ہے کہ اس بارے میں کسی کو اعتراض ہو تو وہ دفتر سے رجوع کرے۔

اشتہار نمبر 44

بعدالت جناب سول جج صاحب کی عدالت میں مقدمہ دائر ہے جس میں مدعا علیہ کو طلب کیا جاتا ہے کہ تاریخ مقررہ پر حاضر عدالت ہو کر پیروی مقدمہ کرے بصورت دیگر کارروائی یکطرفہ عمل میں لائی جائے گی۔ عوام الناس کو مطلع کیا جاتا ہے کہ اس بارے میں کسی کو اعتراض ہو تو وہ دفتر سے رجوع کرے۔ بعدالت جناب سول جج صاحب کی عدالت میں مقدمہ دائر ہے جس میں مدعا علیہ کو طلب کیا جاتا ہے کہ تاریخ مقررہ پر حاضر عدالت ہو کر پیروی مقدمہ کرے بصورت دیگر کارروائی یکطرفہ عمل میں لائی جائے گی۔ عوام الناس کو مطلع کیا جاتا ہے کہ اس بارے میں کسی کو اعتراض ہو تو وہ دفتر سے رجوع کرے۔ بعدالت جناب سول جج صاحب کی عدالت میں مقدمہ دائر ہے جس میں مدعا علیہ کو طلب کیا جاتا ہے کہ تاریخ مقررہ پر حاضر عدالت ہو کر پیروی مقدمہ کرے بصورت دیگر کارروائی یکطرفہ عمل میں لائی جائے گی۔ عوام الناس کو مطلع کیا جاتا ہے کہ اس بارے میں کسی کو اعتراض ہو تو وہ دفتر سے رجوع کرے۔

اشتہار نمبر 45

بعدالت جناب سول جج صاحب کی عدالت میں مقدمہ دائر ہے جس میں مدعا علیہ کو طلب کیا جاتا ہے کہ تاریخ مقررہ پر حاضر عدالت ہو کر پیروی مقدمہ کرے بصورت دیگر کارروائی یکطرفہ عمل میں لائی جائے گی۔ عوام الناس کو مطلع کیا جاتا ہے کہ اس بارے میں کسی کو اعتراض ہو تو وہ دفتر سے رجوع کرے۔ بعدالت جناب سول جج صاحب کی عدالت میں مقدمہ دائر ہے جس میں مدعا علیہ کو طلب کیا جاتا ہے کہ تاریخ مقررہ پر حاضر عدالت ہو کر پیروی مقدمہ کرے بصورت دیگر کارروائی یکطرفہ عمل میں لائی جائے گی۔ عوام الناس کو مطلع کیا جاتا ہے کہ اس بارے میں کسی کو اعتراض ہو تو وہ دفتر سے رجوع کرے۔ بعدالت جناب سول جج صاحب کی عدالت میں مقدمہ دائر ہے جس میں مدعا علیہ کو طلب کیا جاتا ہے کہ تاریخ مقررہ پر حاضر عدالت ہو کر پیروی مقدمہ کرے بصورت دیگر کارروائی یکطرفہ عمل میں لائی جائے گی۔ عوام الناس کو مطلع کیا جاتا ہے کہ اس بارے میں کسی کو اعتراض ہو تو وہ دفتر سے رجوع کرے۔

اشتہار نمبر 46

بعدالت جناب سول جج صاحب کی عدالت میں مقدمہ دائر ہے جس میں مدعا علیہ کو طلب کیا جاتا ہے کہ تاریخ مقررہ پر حاضر عدالت ہو کر پیروی مقدمہ کرے بصورت دیگر کارروائی یکطرفہ عمل میں لائی جائے گی۔ عوام الناس کو مطلع کیا جاتا ہے کہ اس بارے میں کسی کو اعتراض ہو تو وہ دفتر سے رجوع کرے۔ بعدالت جناب سول جج صاحب کی عدالت میں مقدمہ دائر ہے جس میں مدعا علیہ کو طلب کیا جاتا ہے کہ تاریخ مقررہ پر حاضر عدالت ہو کر پیروی مقدمہ کرے بصورت دیگر کارروائی یکطرفہ عمل میں لائی جائے گی۔ عوام الناس کو مطلع کیا جاتا ہے کہ اس بارے میں کسی کو اعتراض ہو تو وہ دفتر سے رجوع کرے۔ بعدالت جناب سول جج صاحب کی عدالت میں مقدمہ دائر ہے جس میں مدعا علیہ کو طلب کیا جاتا ہے کہ تاریخ مقررہ پر حاضر عدالت ہو کر پیروی مقدمہ کرے بصورت دیگر کارروائی یکطرفہ عمل میں لائی جائے گی۔ عوام الناس کو مطلع کیا جاتا ہے کہ اس بارے میں کسی کو اعتراض ہو تو وہ دفتر سے رجوع کرے۔

اشتہار نمبر 47

بعدالت جناب سول جج صاحب کی عدالت میں مقدمہ دائر ہے جس میں مدعا علیہ کو طلب کیا جاتا ہے کہ تاریخ مقررہ پر حاضر عدالت ہو کر پیروی مقدمہ کرے بصورت دیگر کارروائی یکطرفہ عمل میں لائی جائے گی۔ عوام الناس کو مطلع کیا جاتا ہے کہ اس بارے میں کسی کو اعتراض ہو تو وہ دفتر سے رجوع کرے۔ بعدالت جناب سول جج صاحب کی عدالت میں مقدمہ دائر ہے جس میں مدعا علیہ کو طلب کیا جاتا ہے کہ تاریخ مقررہ پر حاضر عدالت ہو کر پیروی مقدمہ کرے بصورت دیگر کارروائی یکطرفہ عمل میں لائی جائے گی۔ عوام الناس کو مطلع کیا جاتا ہے کہ اس بارے میں کسی کو اعتراض ہو تو وہ دفتر سے رجوع کرے۔

اشتہار نمبر 48

بعدالت جناب سول جج صاحب کی عدالت میں مقدمہ دائر ہے جس میں مدعا علیہ کو طلب کیا جاتا ہے کہ تاریخ مقررہ پر حاضر عدالت ہو کر پیروی مقدمہ کرے بصورت دیگر کارروائی یکطرفہ عمل میں لائی جائے گی۔ عوام الناس کو مطلع کیا جاتا ہے کہ اس بارے میں کسی کو اعتراض ہو تو وہ دفتر سے رجوع کرے۔ بعدالت جناب سول جج صاحب کی عدالت میں مقدمہ دائر ہے جس میں مدعا علیہ کو طلب کیا جاتا ہے کہ تاریخ مقررہ پر حاضر عدالت ہو کر پیروی مقدمہ کرے بصورت دیگر کارروائی یکطرفہ عمل میں لائی جائے گی۔ عوام الناس کو مطلع کیا جاتا ہے کہ اس بارے میں کسی کو اعتراض ہو تو وہ دفتر سے رجوع کرے۔

اشتہار نمبر 49

بعدالت جناب سول جج صاحب کی عدالت میں مقدمہ دائر ہے جس میں مدعا علیہ کو طلب کیا جاتا ہے کہ تاریخ مقررہ پر حاضر عدالت ہو کر پیروی مقدمہ کرے بصورت دیگر کارروائی یکطرفہ عمل میں لائی جائے گی۔ عوام الناس کو مطلع کیا جاتا ہے کہ اس بارے میں کسی کو اعتراض ہو تو وہ دفتر سے رجوع کرے۔ بعدالت جناب سول جج صاحب کی عدالت میں مقدمہ دائر ہے جس میں مدعا علیہ کو طلب کیا جاتا ہے کہ تاریخ مقررہ پر حاضر عدالت ہو کر پیروی مقدمہ کرے بصورت دیگر کارروائی یکطرفہ عمل میں لائی جائے گی۔ عوام الناس کو مطلع کیا جاتا ہے کہ اس بارے میں کسی کو اعتراض ہو تو وہ دفتر سے رجوع کرے۔

اشتہار نمبر 50

بعدالت جناب سول جج صاحب کی عدالت میں مقدمہ دائر ہے جس میں مدعا علیہ کو طلب کیا جاتا ہے کہ تاریخ مقررہ پر حاضر عدالت ہو کر پیروی مقدمہ کرے بصورت دیگر کارروائی یکطرفہ عمل میں لائی جائے گی۔ عوام الناس کو مطلع کیا جاتا ہے کہ اس بارے میں کسی کو اعتراض ہو تو وہ دفتر سے رجوع کرے۔ بعدالت جناب سول جج صاحب کی عدالت میں مقدمہ دائر ہے جس میں مدعا علیہ کو طلب کیا جاتا ہے کہ تاریخ مقررہ پر حاضر عدالت ہو کر پیروی مقدمہ کرے بصورت دیگر کارروائی یکطرفہ عمل میں لائی جائے گی۔ عوام الناس کو مطلع کیا جاتا ہے کہ اس بارے میں کسی کو اعتراض ہو تو وہ دفتر سے رجوع کرے۔

اشتہار نمبر 51

بعدالت جناب سول جج صاحب کی عدالت میں مقدمہ دائر ہے جس میں مدعا علیہ کو طلب کیا جاتا ہے کہ تاریخ مقررہ پر حاضر عدالت ہو کر پیروی مقدمہ کرے بصورت دیگر کارروائی یکطرفہ عمل میں لائی جائے گی۔ عوام الناس کو مطلع کیا جاتا ہے کہ اس بارے میں کسی کو اعتراض ہو تو وہ دفتر سے رجوع کرے۔ بعدالت جناب سول جج صاحب کی عدالت میں مقدمہ دائر ہے جس میں مدعا علیہ کو طلب کیا جاتا ہے کہ تاریخ مقررہ پر حاضر عدالت ہو کر پیروی مقدمہ کرے بصورت دیگر کارروائی یکطرفہ عمل میں لائی جائے گی۔ عوام الناس کو مطلع کیا جاتا ہے کہ اس بارے میں کسی کو اعتراض ہو تو وہ دفتر سے رجوع کرے۔

اشتہار نمبر 52

بعدالت جناب سول جج صاحب کی عدالت میں مقدمہ دائر ہے جس میں مدعا علیہ کو طلب کیا جاتا ہے کہ تاریخ مقررہ پر حاضر عدالت ہو کر پیروی مقدمہ کرے بصورت دیگر کارروائی یکطرفہ عمل میں لائی جائے گی۔ عوام الناس کو مطلع کیا جاتا ہے کہ اس بارے میں کسی کو اعتراض ہو تو وہ دفتر سے رجوع کرے۔ بعدالت جناب سول جج صاحب کی عدالت میں مقدمہ دائر ہے جس میں مدعا علیہ کو طلب کیا جاتا ہے کہ تاریخ مقررہ پر حاضر عدالت ہو کر پیروی مقدمہ کرے بصورت دیگر کارروائی یکطرفہ عمل میں لائی جائے گی۔ عوام الناس کو مطلع کیا جاتا ہے کہ اس بارے میں کسی کو اعتراض ہو تو وہ دفتر سے رجوع کرے۔

اشتہار نمبر 53

بعدالت جناب سول جج صاحب کی عدالت میں مقدمہ دائر ہے جس میں مدعا علیہ کو طلب کیا جاتا ہے کہ تاریخ مقررہ پر حاضر عدالت ہو کر پیروی مقدمہ کرے بصورت دیگر کارروائی یکطرفہ عمل میں لائی جائے گی۔ عوام الناس کو مطلع کیا جاتا ہے کہ اس بارے میں کسی کو اعتراض ہو تو وہ دفتر سے رجوع کرے۔ بعدالت جناب سول جج صاحب کی عدالت میں مقدمہ دائر ہے جس میں مدعا علیہ کو طلب کیا جاتا ہے کہ تاریخ مقررہ پر حاضر عدالت ہو کر پیروی مقدمہ کرے بصورت دیگر کارروائی یکطرفہ عمل میں لائی جائے گی۔ عوام الناس کو مطلع کیا جاتا ہے کہ اس بارے میں کسی کو اعتراض ہو تو وہ دفتر سے رجوع کرے۔

اشتہار نمبر 54

بعدالت جناب سول جج صاحب کی عدالت میں مقدمہ دائر ہے جس میں مدعا علیہ کو طلب کیا جاتا ہے کہ تاریخ مقررہ پر حاضر عدالت ہو کر پیروی مقدمہ کرے بصورت دیگر کارروائی یکطرفہ عمل میں لائی جائے گی۔ عوام الناس کو مطلع کیا جاتا ہے کہ اس بارے میں کسی کو اعتراض ہو تو وہ دفتر سے رجوع کرے۔ بعدالت جناب سول جج صاحب کی عدالت میں مقدمہ دائر ہے جس میں مدعا علیہ کو طلب کیا جاتا ہے کہ تاریخ مقررہ پر حاضر عدالت ہو کر پیروی مقدمہ کرے بصورت دیگر کارروائی یکطرفہ عمل میں لائی جائے گی۔ عوام الناس کو مطلع کیا جاتا ہے کہ اس بارے میں کسی کو اعتراض ہو تو وہ دفتر سے رجوع کرے۔

اشتہار نمبر 55

بعدالت جناب سول جج صاحب کی عدالت میں مقدمہ دائر ہے جس میں مدعا علیہ کو طلب کیا جاتا ہے کہ تاریخ مقررہ پر حاضر عدالت ہو کر پیروی مقدمہ کرے بصورت دیگر کارروائی یکطرفہ عمل میں لائی جائے گی۔ عوام الناس کو مطلع کیا جاتا ہے کہ اس بارے میں کسی کو اعتراض ہو تو وہ دفتر سے رجوع کرے۔ بعدالت جناب سول جج صاحب کی عدالت میں مقدمہ دائر ہے جس میں مدعا علیہ کو طلب کیا جاتا ہے کہ تاریخ مقررہ پر حاضر عدالت ہو کر پیروی مقدمہ کرے بصورت دیگر کارروائی یکطرفہ عمل میں لائی جائے گی۔ عوام الناس کو مطلع کیا جاتا ہے کہ اس بارے میں کسی کو اعتراض ہو تو وہ دفتر سے رجوع کرے۔

اشتہار نمبر 56

بعدالت جناب سول جج صاحب کی عدالت میں مقدمہ دائر ہے جس میں مدعا علیہ کو طلب کیا جاتا ہے کہ تاریخ مقررہ پر حاضر عدالت ہو کر پیروی مقدمہ کرے بصورت دیگر کارروائی یکطرفہ عمل میں لائی جائے گی۔ عوام الناس کو مطلع کیا جاتا ہے کہ اس بارے میں کسی کو اعتراض ہو تو وہ دفتر سے رجوع کرے۔ بعدالت جناب سول جج صاحب کی عدالت میں مقدمہ دائر ہے جس میں مدعا علیہ کو طلب کیا جاتا ہے کہ تاریخ مقررہ پر حاضر عدالت ہو کر پیروی مقدمہ کرے بصورت دیگر کارروائی یکطرفہ عمل میں لائی جائے گی۔ عوام الناس کو مطلع کیا جاتا ہے کہ اس بارے میں کسی کو اعتراض ہو تو وہ دفتر سے رجوع کرے۔

اشتہار نمبر 57

بعدالت جناب سول جج صاحب کی عدالت میں مقدمہ دائر ہے جس میں مدعا علیہ کو طلب کیا جاتا ہے کہ تاریخ مقررہ پر حاضر عدالت ہو کر پیروی مقدمہ کرے بصورت دیگر کارروائی یکطرفہ عمل میں لائی جائے گی۔ عوام الناس کو مطلع کیا جاتا ہے کہ اس بارے میں کسی کو اعتراض ہو تو وہ دفتر سے رجوع کرے۔ بعدالت جناب سول جج صاحب کی عدالت میں مقدمہ دائر ہے جس میں مدعا علیہ کو طلب کیا جاتا ہے کہ تاریخ مقررہ پر حاضر عدالت ہو کر پیروی مقدمہ کرے بصورت دیگر کارروائی یکطرفہ عمل میں لائی جائے گی۔ عوام الناس کو مطلع کیا جاتا ہے کہ اس بارے میں کسی کو اعتراض ہو تو وہ دفتر سے رجوع کرے۔

اشتہار نمبر 58

بعدالت جناب سول جج صاحب کی عدالت میں مقدمہ دائر ہے جس میں مدعا علیہ کو طلب کیا جاتا ہے کہ تاریخ مقررہ پر حاضر عدالت ہو کر پیروی مقدمہ کرے بصورت دیگر کارروائی یکطرفہ عمل میں لائی جائے گی۔ عوام الناس کو مطلع کیا جاتا ہے کہ اس بارے میں کسی کو اعتراض ہو تو وہ دفتر سے رجوع کرے۔ بعدالت جناب سول جج صاحب کی عدالت میں مقدمہ دائر ہے جس میں مدعا علیہ کو طلب کیا جاتا ہے کہ تاریخ مقررہ پر حاضر عدالت ہو کر پیروی مقدمہ کرے بصورت دیگر کارروائی یکطرفہ عمل میں لائی جائے گی۔ عوام الناس کو مطلع کیا جاتا ہے کہ اس بارے میں کسی کو اعتراض ہو تو وہ دفتر سے رجوع کرے۔

اشتہار نمبر 59

بعدالت جناب سول جج صاحب کی عدالت میں مقدمہ دائر ہے جس میں مدعا علیہ کو طلب کیا جاتا ہے کہ تاریخ مقررہ پر حاضر عدالت ہو کر پیروی مقدمہ کرے بصورت دیگر کارروائی یکطرفہ عمل میں لائی جائے گی۔ عوام الناس کو مطلع کیا جاتا ہے کہ اس بارے میں کسی کو اعتراض ہو تو وہ دفتر سے رجوع کرے۔ بعدالت جناب سول جج صاحب کی عدالت میں مقدمہ دائر ہے جس میں مدعا علیہ کو طلب کیا جاتا ہے کہ تاریخ مقررہ پر حاضر عدالت ہو کر پیروی مقدمہ کرے بصورت دیگر کارروائی یکطرفہ عمل میں لائی جائے گی۔ عوام الناس کو مطلع کیا جاتا ہے کہ اس بارے میں کسی کو اعتراض ہو تو وہ دفتر سے رجوع کرے۔

اشتہار نمبر 60

بعدالت جناب سول جج صاحب کی عدالت میں مقدمہ دائر ہے جس میں مدعا علیہ کو طلب کیا جاتا ہے کہ تاریخ مقررہ پر حاضر عدالت ہو کر پیروی مقدمہ کرے بصورت دیگر کارروائی یکطرفہ عمل میں لائی جائے گی۔ عوام الناس کو مطلع کیا جاتا ہے کہ اس بارے میں کسی کو اعتراض ہو تو وہ دفتر سے رجوع کرے۔ بعدالت جناب سول جج صاحب کی عدالت میں مقدمہ دائر ہے جس میں مدعا علیہ کو طلب کیا جاتا ہے کہ تاریخ مقررہ پر حاضر عدالت ہو کر پیروی مقدمہ کرے بصورت دیگر کارروائی یکطرفہ عمل میں لائی جائے گی۔ عوام الناس کو مطلع کیا جاتا ہے کہ اس بارے میں کسی کو اعتراض ہو تو وہ دفتر سے رجوع کرے۔

اشتہار نمبر 61

بعدالت جناب سول جج صاحب کی عدالت میں مقدمہ دائر ہے جس میں مدعا علیہ کو طلب کیا جاتا ہے کہ تاریخ مقررہ پر حاضر عدالت ہو کر پیروی مقدمہ کرے بصورت دیگر کارروائی یکطرفہ عمل میں لائی جائے گی۔ عوام الناس کو مطلع کیا جاتا ہے کہ اس بارے میں کسی کو اعتراض ہو تو وہ دفتر سے رجوع کرے۔ بعدالت جناب سول جج صاحب کی عدالت میں مقدمہ دائر ہے جس میں مدعا علیہ کو طلب کیا جاتا ہے کہ تاریخ مقررہ پر حاضر عدالت ہو کر پیروی مقدمہ کرے بصورت دیگر کارروائی یکطرفہ عمل میں لائی جائے گی۔ عوام الناس کو مطلع کیا جاتا ہے کہ اس بارے میں کسی کو اعتراض ہو تو وہ دفتر سے رجوع کرے۔

اشتہار نمبر 62

بعدالت جناب سول جج صاحب کی عدالت میں مقدمہ دائر ہے جس میں مدعا علیہ کو طلب کیا جاتا ہے کہ تاریخ مقررہ پر حاضر عدالت ہو کر پیروی مقدمہ کرے بصورت دیگر کارروائی یکطرفہ عمل میں لائی جائے گی۔ عوام الناس کو مطلع کیا جاتا ہے کہ اس بارے میں کسی کو اعتراض ہو تو وہ دفتر سے رجوع کرے۔ بعدالت جناب سول جج صاحب کی عدالت میں مقدمہ دائر ہے جس میں مدعا علیہ کو طلب کیا جاتا ہے کہ تاریخ مقررہ پر حاضر عدالت ہو کر پیروی مقدمہ کرے بصورت دیگر کارروائی یکطرفہ عمل میں لائی جائے گی۔ عوام الناس کو مطلع کیا جاتا ہے کہ اس بارے میں کسی کو اعتراض ہو تو وہ دفتر سے رجوع کرے۔

اشتہار نمبر 63

بعدالت جناب سول جج صاحب کی عدالت میں مقدمہ دائر ہے جس میں مدعا علیہ کو طلب کیا جاتا ہے کہ تاریخ مقررہ پر حاضر عدالت ہو کر پیروی مقدمہ کرے بصورت دیگر کارروائی یکطرفہ عمل میں لائی جائے گی۔ عوام الناس کو مطلع کیا جاتا ہے کہ اس بارے میں کسی کو اعتراض ہو تو وہ دفتر سے رجوع کرے۔ بعدالت جناب سول جج صاحب کی عدالت میں مقدمہ دائر ہے جس میں مدعا علیہ کو طلب کیا جاتا ہے کہ تاریخ مقررہ پر حاضر عدالت ہو کر پیروی مقدمہ کرے بصورت دیگر کارروائی یکطرفہ عمل میں لائی جائے گی۔ عوام الناس کو مطلع کیا جاتا ہے کہ اس بارے میں کسی کو اعتراض ہو تو وہ دفتر سے رجوع کرے۔

اشتہار نمبر 64

بعدالت جناب سول جج صاحب کی عدالت میں مقدمہ دائر ہے جس میں مدعا علیہ کو طلب کیا جاتا ہے کہ تاریخ مقررہ پر حاضر عدالت ہو کر پیروی مقدمہ کرے بصورت دیگر کارروائی یکطرفہ عمل میں لائی جائے گی۔ عوام الناس کو مطلع کیا جاتا ہے کہ اس بارے میں کسی کو اعتراض ہو تو وہ دفتر سے رجوع کرے۔ بعدالت جناب سول جج صاحب کی عدالت میں مقدمہ دائر ہے جس میں مدعا علیہ کو طلب کیا جاتا ہے کہ تاریخ مقررہ پر حاضر عدالت ہو کر پیروی مقدمہ کرے بصورت دیگر کارروائی یکطرفہ عمل میں لائی جائے گی۔ عوام الناس کو مطلع کیا جاتا ہے کہ اس بارے میں کسی کو اعتراض ہو تو وہ دفتر سے رجوع کرے۔

وراثت نامہ

من مسمی ساکن ضلع ایبٹ آباد اعلان کرتا ہوں کہ میرا بیٹا میرے کنٹرول سے باہر ہے اس کے ساتھ کسی قسم کا لین دین کرنے والا خود ذمہ دار ہوگا۔ من مسمی ساکن ضلع ایبٹ آباد اعلان کرتا ہوں کہ میرا بیٹا میرے کنٹرول سے باہر ہے اس کے ساتھ کسی قسم کا لین دین کرنے والا خود ذمہ دار ہوگا۔

وراثت نامہ

من مسمی ساکن ضلع ایبٹ آباد اعلان کرتا ہوں کہ میرا بیٹا میرے کنٹرول سے باہر ہے اس کے ساتھ کسی قسم کا لین دین کرنے والا خود ذمہ دار ہوگا۔ من مسمی ساکن ضلع ایبٹ آباد اعلان کرتا ہوں کہ میرا بیٹا میرے کنٹرول سے باہر ہے اس کے ساتھ کسی قسم کا لین دین کرنے والا خود ذمہ دار ہوگا۔

اطلاع عام

من مسمی ساکن ضلع ایبٹ آباد اعلان کرتا ہوں کہ میرا بیٹا میرے کنٹرول سے باہر ہے اس کے ساتھ کسی قسم کا لین دین کرنے والا خود ذمہ دار ہوگا۔ من مسمی ساکن ضلع ایبٹ آباد اعلان کرتا ہوں کہ میرا بیٹا میرے کنٹرول سے باہر ہے اس کے ساتھ کسی قسم کا لین دین کرنے والا خود ذمہ دار ہوگا۔

عاق نامہ

من مسمی ساکن ضلع ایبٹ آباد اعلان کرتا ہوں کہ میرا بیٹا میرے کنٹرول سے باہر ہے اس کے ساتھ کسی قسم کا لین دین کرنے والا خود ذمہ دار ہوگا۔ من مسمی ساکن ضلع ایبٹ آباد اعلان کرتا ہوں کہ میرا بیٹا میرے کنٹرول سے باہر ہے اس کے ساتھ کسی قسم کا لین دین کرنے والا خود ذمہ دار ہوگا۔

TQ-837 PKT232967
SR308PK33762
اطلاع عام

من مسمی ساکن ضلع ایبٹ آباد اعلان کرتا ہوں کہ میرا بیٹا میرے کنٹرول سے باہر ہے اس کے ساتھ کسی قسم کا لین دین کرنے والا خود ذمہ دار ہوگا۔ من مسمی ساکن ضلع ایبٹ آباد اعلان کرتا ہوں کہ میرا بیٹا میرے کنٹرول سے باہر ہے اس کے ساتھ کسی قسم کا لین دین کرنے والا خود ذمہ دار ہوگا۔

اطلاع عام

من مسمی ساکن ضلع ایبٹ آباد اعلان کرتا ہوں کہ میرا بیٹا میرے کنٹرول سے باہر ہے اس کے ساتھ کسی قسم کا لین دین کرنے والا خود ذمہ دار ہوگا۔ من مسمی ساکن ضلع ایبٹ آباد اعلان کرتا ہوں کہ میرا بیٹا میرے کنٹرول سے باہر ہے اس کے ساتھ کسی قسم کا لین دین کرنے والا خود ذمہ دار ہوگا۔

اطلاع عام

من مسمی ساکن ضلع ایبٹ آباد اعلان کرتا ہوں کہ میرا بیٹا میرے کنٹرول سے باہر ہے اس کے ساتھ کسی قسم کا لین دین کرنے والا خود ذمہ دار ہوگا۔ من مسمی ساکن ضلع ایبٹ آباد اعلان کرتا ہوں کہ میرا بیٹا میرے کنٹرول سے باہر ہے اس کے ساتھ کسی قسم کا لین دین کرنے والا خود ذمہ دار ہوگا۔

اطلاع عام

من مسمی ساکن ضلع ایبٹ آباد اعلان کرتا ہوں کہ میرا بیٹا میرے کنٹرول سے باہر ہے اس کے ساتھ کسی قسم کا لین دین کرنے والا خود ذمہ دار ہوگا۔ من مسمی ساکن ضلع ایبٹ آباد اعلان کرتا ہوں کہ میرا بیٹا میرے کنٹرول سے باہر ہے اس کے ساتھ کسی قسم کا لین دین کرنے والا خود ذمہ دار ہوگا۔

اطلاع عام

من مسمی ساکن ضلع ایبٹ آباد اعلان کرتا ہوں کہ میرا بیٹا میرے کنٹرول سے باہر ہے اس کے ساتھ کسی قسم کا لین دین کرنے والا خود ذمہ دار ہوگا۔ من مسمی ساکن ضلع ایبٹ آباد اعلان کرتا ہوں کہ میرا بیٹا میرے کنٹرول سے باہر ہے اس کے ساتھ کسی قسم کا لین دین کرنے والا خود ذمہ دار ہوگا۔

اطلاع عام

من مسمی ساکن ضلع ایبٹ آباد اعلان کرتا ہوں کہ میرا بیٹا میرے کنٹرول سے باہر ہے اس کے ساتھ کسی قسم کا لین دین کرنے والا خود ذمہ دار ہوگا۔ من مسمی ساکن ضلع ایبٹ آباد اعلان کرتا ہوں کہ میرا بیٹا میرے کنٹرول سے باہر ہے اس کے ساتھ کسی قسم کا لین دین کرنے والا خود ذمہ دار ہوگا۔
